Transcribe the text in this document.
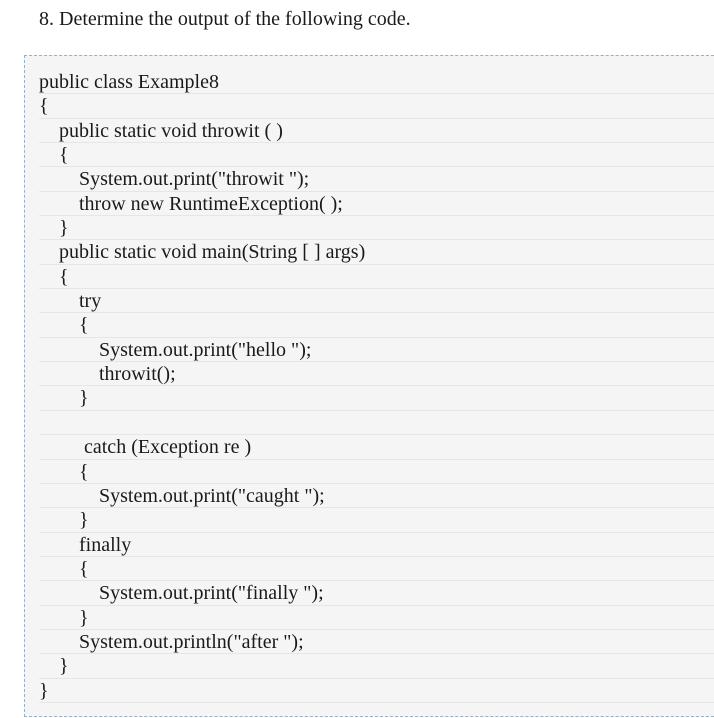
8. Determine the output of the following code.
public class Example8
{
public static void throwit ( )
{
System.out.print("throwit ");
throw new RuntimeException( );
}
public static void main(String [ ] args)
{
try
{
System.out.print("hello ");
throwit();
}
catch (Exception re )
{
System.out.print("caught ");
}
finally
{
System.out.print("finally ");
}
System.out.println("after ");
}
}
